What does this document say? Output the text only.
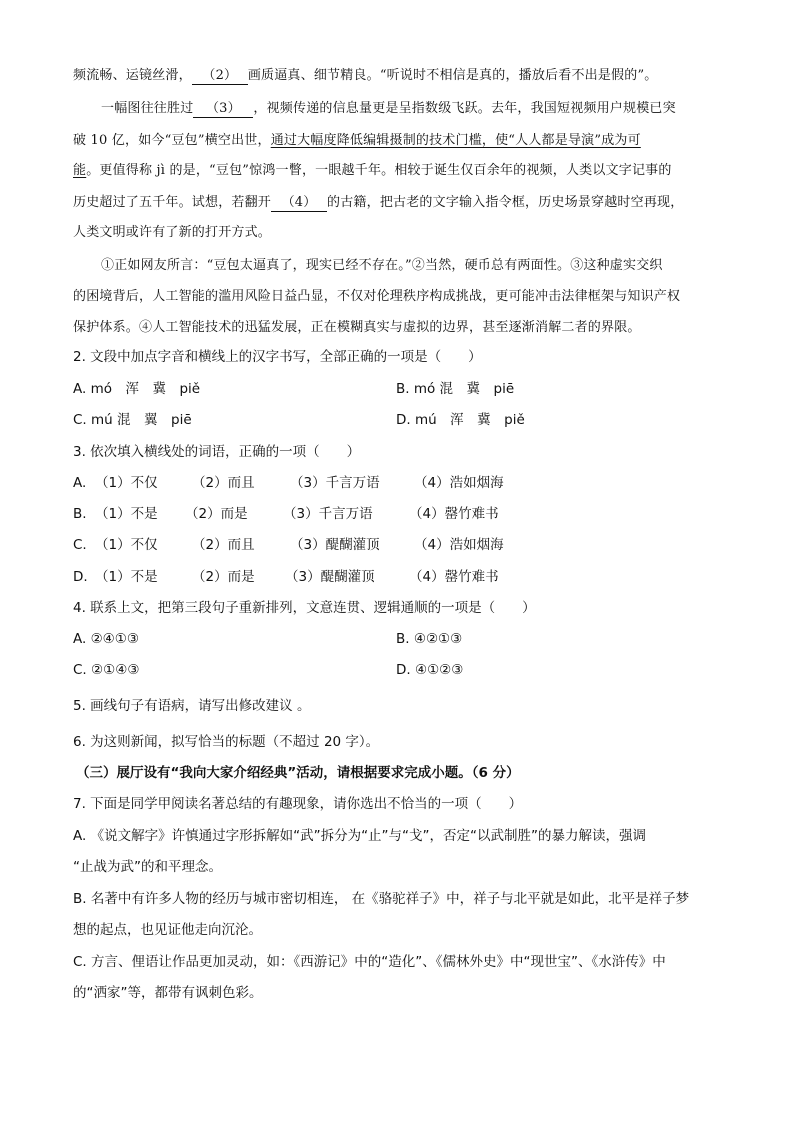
频流畅、运镜丝滑， （2） 画质逼真、细节精良。“听说时不相信是真的，播放后看不出是假的”。
一幅图往往胜过 （3） ，视频传递的信息量更是呈指数级飞跃。去年，我国短视频用户规模已突
破 10 亿，如今“豆包”横空出世，通过大幅度降低编辑摄制的技术门槛，使“人人都是导演”成为可
能。更值得称 jì 的是，“豆包”惊鸿一瞥，一眼越千年。相较于诞生仅百余年的视频，人类以文字记事的
历史超过了五千年。试想，若翻开 （4） 的古籍，把古老的文字输入指令框，历史场景穿越时空再现，
人类文明或许有了新的打开方式。
①正如网友所言：“豆包太逼真了，现实已经不存在。”②当然，硬币总有两面性。③这种虚实交织
的困境背后，人工智能的滥用风险日益凸显，不仅对伦理秩序构成挑战，更可能冲击法律框架与知识产权
保护体系。④人工智能技术的迅猛发展，正在模糊真实与虚拟的边界，甚至逐渐消解二者的界限。
2. 文段中加点字音和横线上的汉字书写，全部正确的一项是（　　）
A. mó　浑　冀　piě	B. mó 混　冀　piē
C. mú 混　翼　piē	D. mú　浑　冀　piě
3. 依次填入横线处的词语，正确的一项（　　）
A. （1）不仅	（2）而且	（3）千言万语	（4）浩如烟海
B. （1）不是 （2）而是	（3）千言万语	（4）罄竹难书
C. （1）不仅	（2）而且	（3）醍醐灌顶	（4）浩如烟海
D. （1）不是	（2）而是 （3）醍醐灌顶	（4）罄竹难书
4. 联系上文，把第三段句子重新排列，文意连贯、逻辑通顺的一项是（　　）
A. ②④①③	B. ④②①③
C. ②①④③	D. ④①②③
5. 画线句子有语病，请写出修改建议 。
6. 为这则新闻，拟写恰当的标题（不超过 20 字）。
（三）展厅设有“我向大家介绍经典”活动，请根据要求完成小题。（6 分）
7. 下面是同学甲阅读名著总结的有趣现象，请你选出不恰当的一项（　　）
A. 《说文解字》许慎通过字形拆解如“武”拆分为“止”与“戈”，否定“以武制胜”的暴力解读，强调
“止战为武”的和平理念。
B. 名著中有许多人物的经历与城市密切相连， 在《骆驼祥子》中，祥子与北平就是如此，北平是祥子梦
想的起点，也见证他走向沉沦。
C. 方言、俚语让作品更加灵动，如：《西游记》中的“造化”、《儒林外史》中“现世宝”、《水浒传》中
的“洒家”等，都带有讽刺色彩。
